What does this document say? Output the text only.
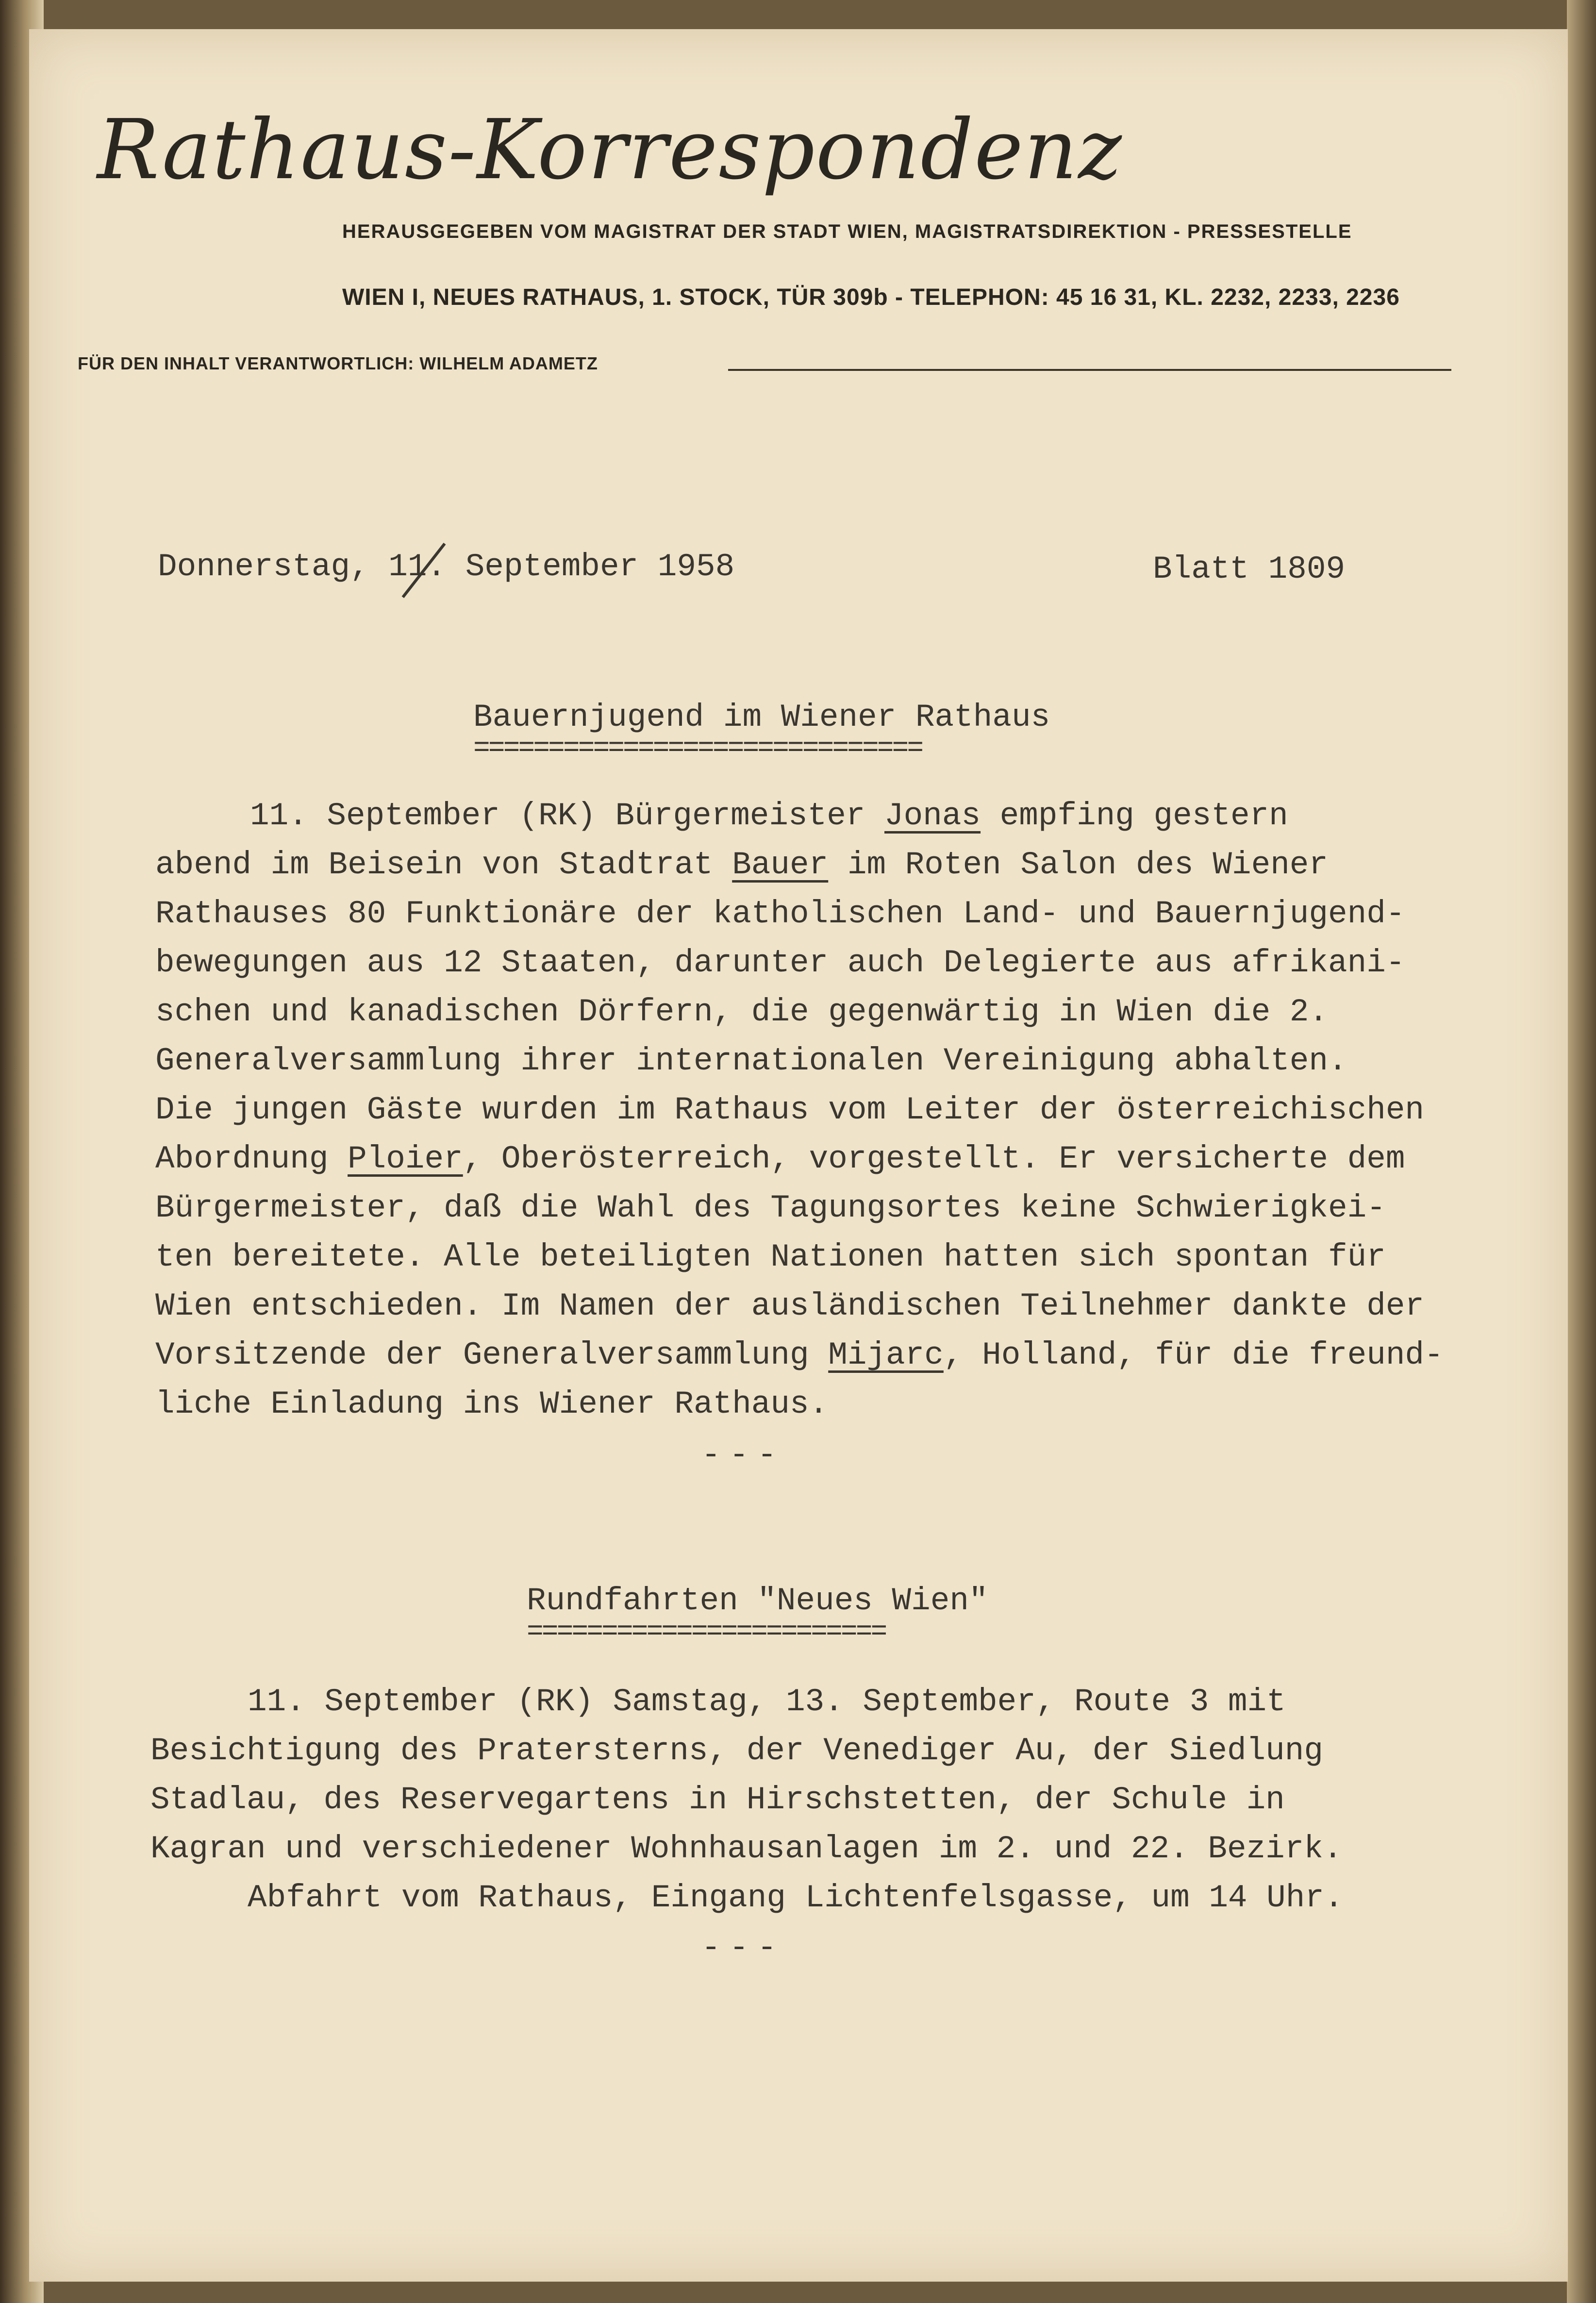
Rathaus-Korrespondenz
HERAUSGEGEBEN VOM MAGISTRAT DER STADT WIEN, MAGISTRATSDIREKTION - PRESSESTELLE
WIEN I, NEUES RATHAUS, 1. STOCK, TÜR 309b - TELEPHON: 45 16 31, KL. 2232, 2233, 2236
FÜR DEN INHALT VERANTWORTLICH: WILHELM ADAMETZ
Donnerstag, 11. September 1958	Blatt 1809
Bauernjugend im Wiener Rathaus
==============================
11. September (RK) Bürgermeister Jonas empfing gestern
abend im Beisein von Stadtrat Bauer im Roten Salon des Wiener
Rathauses 80 Funktionäre der katholischen Land- und Bauernjugend-
bewegungen aus 12 Staaten, darunter auch Delegierte aus afrikani-
schen und kanadischen Dörfern, die gegenwärtig in Wien die 2.
Generalversammlung ihrer internationalen Vereinigung abhalten.
Die jungen Gäste wurden im Rathaus vom Leiter der österreichischen
Abordnung Ploier, Oberösterreich, vorgestellt. Er versicherte dem
Bürgermeister, daß die Wahl des Tagungsortes keine Schwierigkei-
ten bereitete. Alle beteiligten Nationen hatten sich spontan für
Wien entschieden. Im Namen der ausländischen Teilnehmer dankte der
Vorsitzende der Generalversammlung Mijarc, Holland, für die freund-
liche Einladung ins Wiener Rathaus.
---
Rundfahrten "Neues Wien"
========================
11. September (RK) Samstag, 13. September, Route 3 mit
Besichtigung des Pratersterns, der Venediger Au, der Siedlung
Stadlau, des Reservegartens in Hirschstetten, der Schule in
Kagran und verschiedener Wohnhausanlagen im 2. und 22. Bezirk.
Abfahrt vom Rathaus, Eingang Lichtenfelsgasse, um 14 Uhr.
---
